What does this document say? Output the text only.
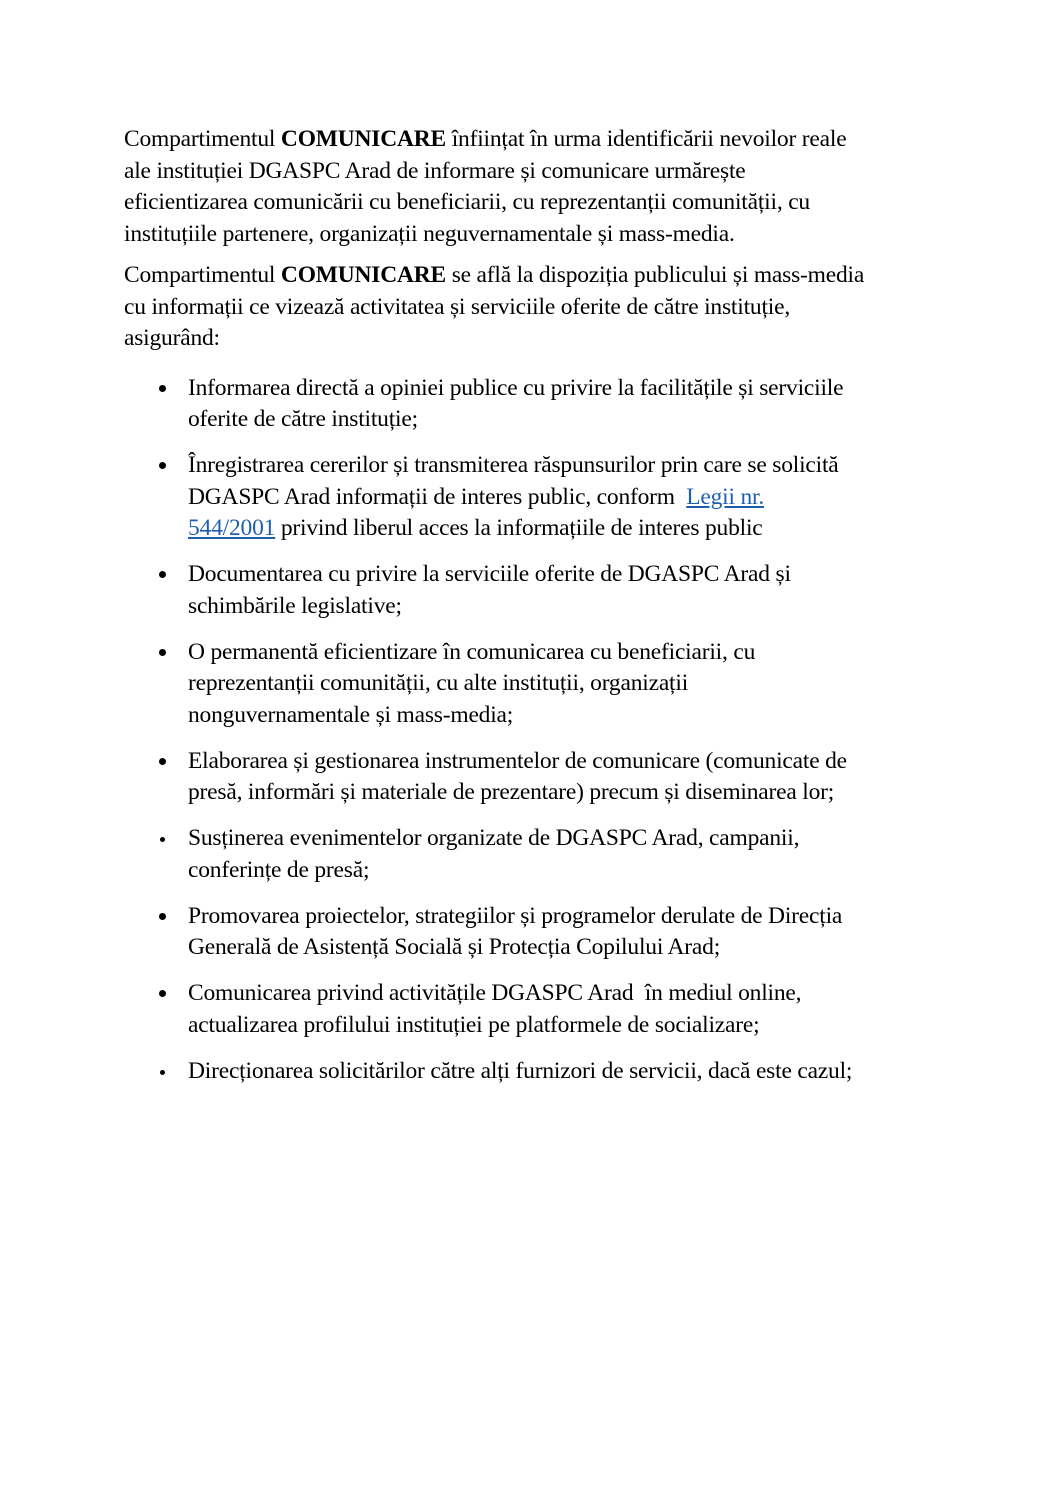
Compartimentul COMUNICARE înființat în urma identificării nevoilor reale
ale instituției DGASPC Arad de informare și comunicare urmărește
eficientizarea comunicării cu beneficiarii, cu reprezentanții comunității, cu
instituțiile partenere, organizații neguvernamentale și mass-media.

Compartimentul COMUNICARE se află la dispoziția publicului și mass-media
cu informații ce vizează activitatea și serviciile oferite de către instituție,
asigurând:

Informarea directă a opiniei publice cu privire la facilitățile și serviciile
oferite de către instituție;
Înregistrarea cererilor și transmiterea răspunsurilor prin care se solicită
DGASPC Arad informații de interes public, conform  Legii nr.
544/2001 privind liberul acces la informațiile de interes public
Documentarea cu privire la serviciile oferite de DGASPC Arad și
schimbările legislative;
O permanentă eficientizare în comunicarea cu beneficiarii, cu
reprezentanții comunității, cu alte instituții, organizații
nonguvernamentale și mass-media;
Elaborarea și gestionarea instrumentelor de comunicare (comunicate de
presă, informări și materiale de prezentare) precum și diseminarea lor;
Susținerea evenimentelor organizate de DGASPC Arad, campanii,
conferințe de presă;
Promovarea proiectelor, strategiilor și programelor derulate de Direcția
Generală de Asistență Socială și Protecția Copilului Arad;
Comunicarea privind activitățile DGASPC Arad  în mediul online,
actualizarea profilului instituției pe platformele de socializare;
Direcționarea solicitărilor către alți furnizori de servicii, dacă este cazul;
